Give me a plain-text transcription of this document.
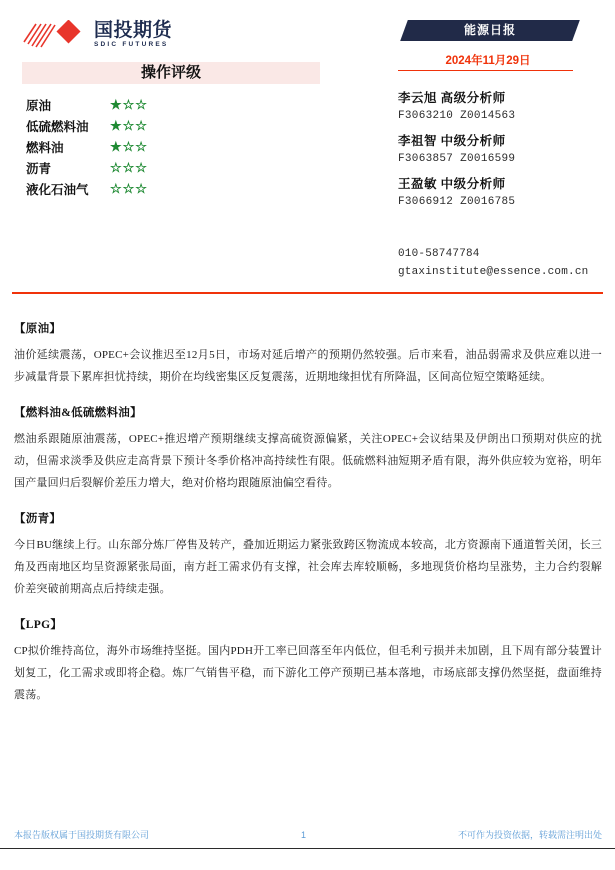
国投期货
SDIC FUTURES
操作评级
原油	★☆☆
低硫燃料油	★☆☆
燃料油	★☆☆
沥青	☆☆☆
液化石油气	☆☆☆
能源日报
2024年11月29日
李云旭 高级分析师
F3063210 Z0014563
李祖智 中级分析师
F3063857 Z0016599
王盈敏 中级分析师
F3066912 Z0016785
010-58747784
gtaxinstitute@essence.com.cn
【原油】
油价延续震荡，OPEC+会议推迟至12月5日，市场对延后增产的预期仍然较强。后市来看，油品弱需求及供应难以进一步减量背景下累库担忧持续，期价在均线密集区反复震荡，近期地缘担忧有所降温，区间高位短空策略延续。
【燃料油&低硫燃料油】
燃油系跟随原油震荡，OPEC+推迟增产预期继续支撑高硫资源偏紧，关注OPEC+会议结果及伊朗出口预期对供应的扰动，但需求淡季及供应走高背景下预计冬季价格冲高持续性有限。低硫燃料油短期矛盾有限，海外供应较为宽裕，明年国产量回归后裂解价差压力增大，绝对价格均跟随原油偏空看待。
【沥青】
今日BU继续上行。山东部分炼厂停售及转产，叠加近期运力紧张致跨区物流成本较高，北方资源南下通道暂关闭，长三角及西南地区均呈资源紧张局面，南方赶工需求仍有支撑，社会库去库较顺畅，多地现货价格均呈涨势，主力合约裂解价差突破前期高点后持续走强。
【LPG】
CP拟价维持高位，海外市场维持坚挺。国内PDH开工率已回落至年内低位，但毛利亏损并未加剧，且下周有部分装置计划复工，化工需求或即将企稳。炼厂气销售平稳，而下游化工停产预期已基本落地，市场底部支撑仍然坚挺，盘面维持震荡。
本报告版权属于国投期货有限公司	1	不可作为投资依据，转载需注明出处
